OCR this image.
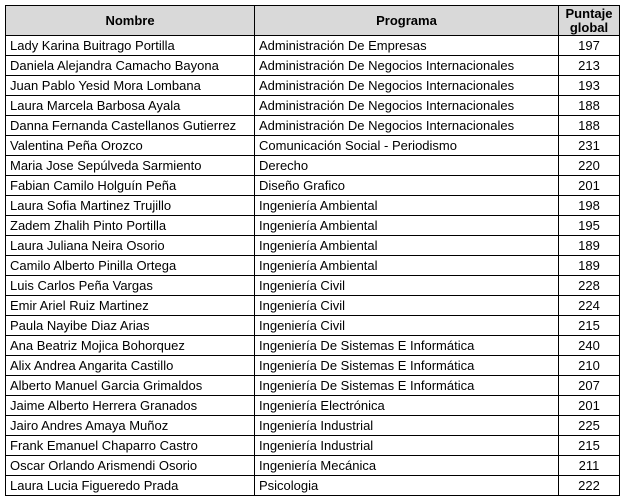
Nombre	Programa	Puntaje
global
Lady Karina Buitrago Portilla	Administración De Empresas	197
Daniela Alejandra Camacho Bayona	Administración De Negocios Internacionales	213
Juan Pablo Yesid Mora Lombana	Administración De Negocios Internacionales	193
Laura Marcela Barbosa Ayala	Administración De Negocios Internacionales	188
Danna Fernanda Castellanos Gutierrez	Administración De Negocios Internacionales	188
Valentina Peña Orozco	Comunicación Social - Periodismo	231
Maria Jose Sepúlveda Sarmiento	Derecho	220
Fabian Camilo Holguín Peña	Diseño Grafico	201
Laura Sofia Martinez Trujillo	Ingeniería Ambiental	198
Zadem Zhalih Pinto Portilla	Ingeniería Ambiental	195
Laura Juliana Neira Osorio	Ingeniería Ambiental	189
Camilo Alberto Pinilla Ortega	Ingeniería Ambiental	189
Luis Carlos Peña Vargas	Ingeniería Civil	228
Emir Ariel Ruiz Martinez	Ingeniería Civil	224
Paula Nayibe Diaz Arias	Ingeniería Civil	215
Ana Beatriz Mojica Bohorquez	Ingeniería De Sistemas E Informática	240
Alix Andrea Angarita Castillo	Ingeniería De Sistemas E Informática	210
Alberto Manuel Garcia Grimaldos	Ingeniería De Sistemas E Informática	207
Jaime Alberto Herrera Granados	Ingeniería Electrónica	201
Jairo Andres Amaya Muñoz	Ingeniería Industrial	225
Frank Emanuel Chaparro Castro	Ingeniería Industrial	215
Oscar Orlando Arismendi Osorio	Ingeniería Mecánica	211
Laura Lucia Figueredo Prada	Psicologia	222
